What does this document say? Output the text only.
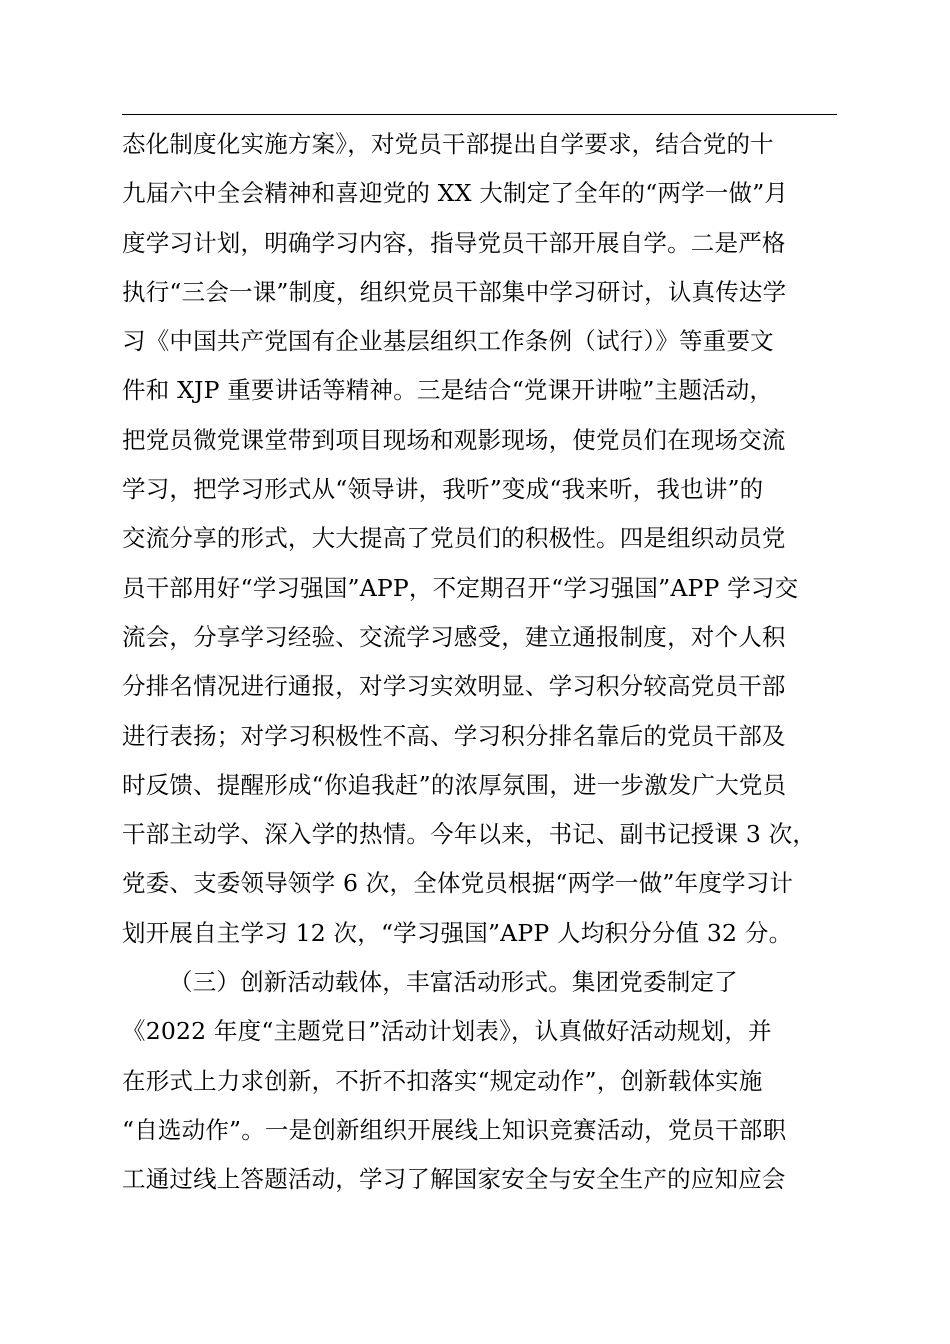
态化制度化实施方案》，对党员干部提出自学要求，结合党的十
九届六中全会精神和喜迎党的 XX 大制定了全年的“两学一做”月
度学习计划，明确学习内容，指导党员干部开展自学。二是严格
执行“三会一课”制度，组织党员干部集中学习研讨，认真传达学
习《中国共产党国有企业基层组织工作条例（试行）》等重要文
件和 XJP 重要讲话等精神。三是结合“党课开讲啦”主题活动，
把党员微党课堂带到项目现场和观影现场，使党员们在现场交流
学习，把学习形式从“领导讲，我听”变成“我来听，我也讲”的
交流分享的形式，大大提高了党员们的积极性。四是组织动员党
员干部用好“学习强国”APP，不定期召开“学习强国”APP 学习交
流会，分享学习经验、交流学习感受，建立通报制度，对个人积
分排名情况进行通报，对学习实效明显、学习积分较高党员干部
进行表扬；对学习积极性不高、学习积分排名靠后的党员干部及
时反馈、提醒形成“你追我赶”的浓厚氛围，进一步激发广大党员
干部主动学、深入学的热情。今年以来，书记、副书记授课 3 次，
党委、支委领导领学 6 次，全体党员根据“两学一做”年度学习计
划开展自主学习 12 次，“学习强国”APP 人均积分分值 32 分。
（三）创新活动载体，丰富活动形式。集团党委制定了
《2022 年度“主题党日”活动计划表》，认真做好活动规划，并
在形式上力求创新，不折不扣落实“规定动作”，创新载体实施
“自选动作”。一是创新组织开展线上知识竞赛活动，党员干部职
工通过线上答题活动，学习了解国家安全与安全生产的应知应会
